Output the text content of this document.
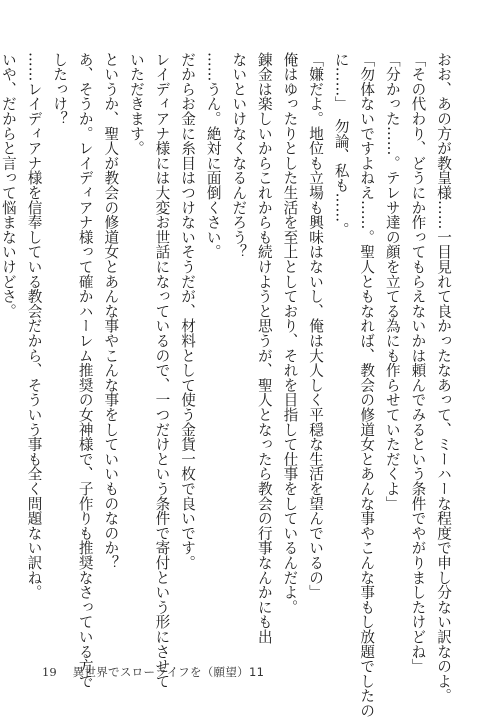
おお、あの方が教皇様……一目見れて良かったなあって、ミーハーな程度で申し分ない訳なのよ。

「その代わり、どうにか作ってもらえないかは頼んでみるという条件でやがりましたけどね」

「分かった……。テレサ達の顔を立てる為にも作らせていただくよ」

「勿体ないですよねえ……。聖人ともなれば、教会の修道女とあんな事やこんな事もし放題でしたの

に……」　勿論、私も……。

「嫌だよ。地位も立場も興味はないし、俺は大人しく平穏な生活を望んでいるの」

俺はゆったりとした生活を至上としており、それを目指して仕事をしているんだよ。

錬金は楽しいからこれからも続けようと思うが、聖人となったら教会の行事なんかにも出

ないといけなくなるんだろう？

……うん。絶対に面倒くさい。

だからお金に糸目はつけないそうだが、材料として使う金貨一枚で良いです。

レイディアナ様には大変お世話になっているので、一つだけという条件で寄付という形にさせて

いただきます。

というか、聖人が教会の修道女とあんな事やこんな事をしていいものなのか？

あ、そうか。レイディアナ様って確かハーレム推奨の女神様で、子作りも推奨なさっている方で

したっけ？

……レイディアナ様を信奉している教会だから、そういう事も全く問題ない訳ね。

いや、だからと言って悩まないけどさ。

19 異世界でスローライフを（願望）11
